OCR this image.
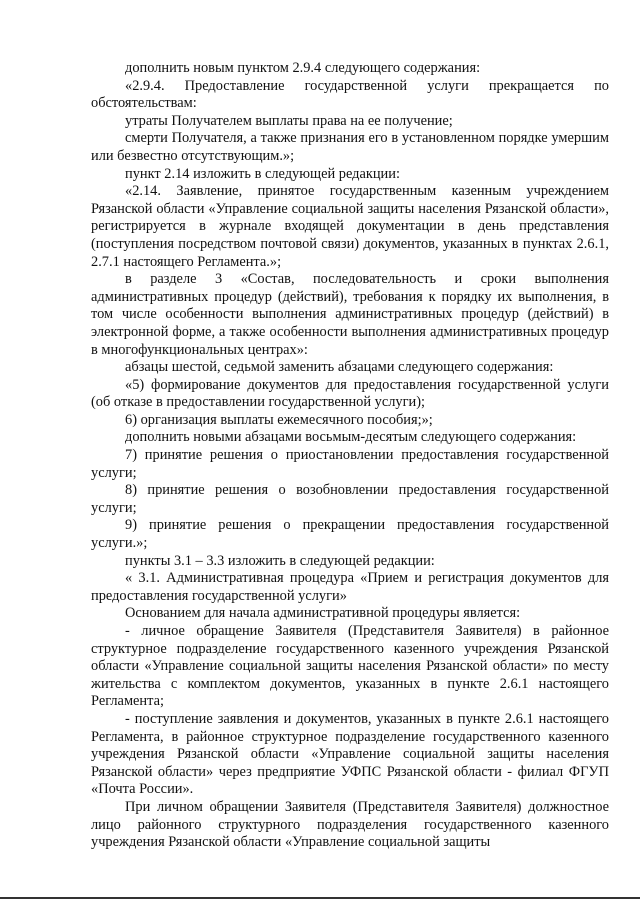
дополнить новым пунктом 2.9.4 следующего содержания:

«2.9.4. Предоставление государственной услуги прекращается по обстоятельствам:

утраты Получателем выплаты права на ее получение;

смерти Получателя, а также признания его в установленном порядке умершим или безвестно отсутствующим.»;

пункт 2.14 изложить в следующей редакции:

«2.14. Заявление, принятое государственным казенным учреждением Рязанской области «Управление социальной защиты населения Рязанской области», регистрируется в журнале входящей документации в день представления (поступления посредством почтовой связи) документов, указанных в пунктах 2.6.1, 2.7.1 настоящего Регламента.»;

в разделе 3 «Состав, последовательность и сроки выполнения административных процедур (действий), требования к порядку их выполнения, в том числе особенности выполнения административных процедур (действий) в электронной форме, а также особенности выполнения административных процедур в многофункциональных центрах»:

абзацы шестой, седьмой заменить абзацами следующего содержания:

«5) формирование документов для предоставления государственной услуги (об отказе в предоставлении государственной услуги);

6) организация выплаты ежемесячного пособия;»;

дополнить новыми абзацами восьмым-десятым следующего содержания:

7) принятие решения о приостановлении предоставления государственной услуги;

8) принятие решения о возобновлении предоставления государственной услуги;

9) принятие решения о прекращении предоставления государственной услуги.»;

пункты 3.1 – 3.3 изложить в следующей редакции:

« 3.1. Административная процедура «Прием и регистрация документов для предоставления государственной услуги»

Основанием для начала административной процедуры является:

- личное обращение Заявителя (Представителя Заявителя) в районное структурное подразделение государственного казенного учреждения Рязанской области «Управление социальной защиты населения Рязанской области» по месту жительства с комплектом документов, указанных в пункте 2.6.1 настоящего Регламента;

- поступление заявления и документов, указанных в пункте 2.6.1 настоящего Регламента, в районное структурное подразделение государственного казенного учреждения Рязанской области «Управление социальной защиты населения Рязанской области» через предприятие УФПС Рязанской области - филиал ФГУП «Почта России».

При личном обращении Заявителя (Представителя Заявителя) должностное лицо районного структурного подразделения государственного казенного учреждения Рязанской области «Управление социальной защиты
